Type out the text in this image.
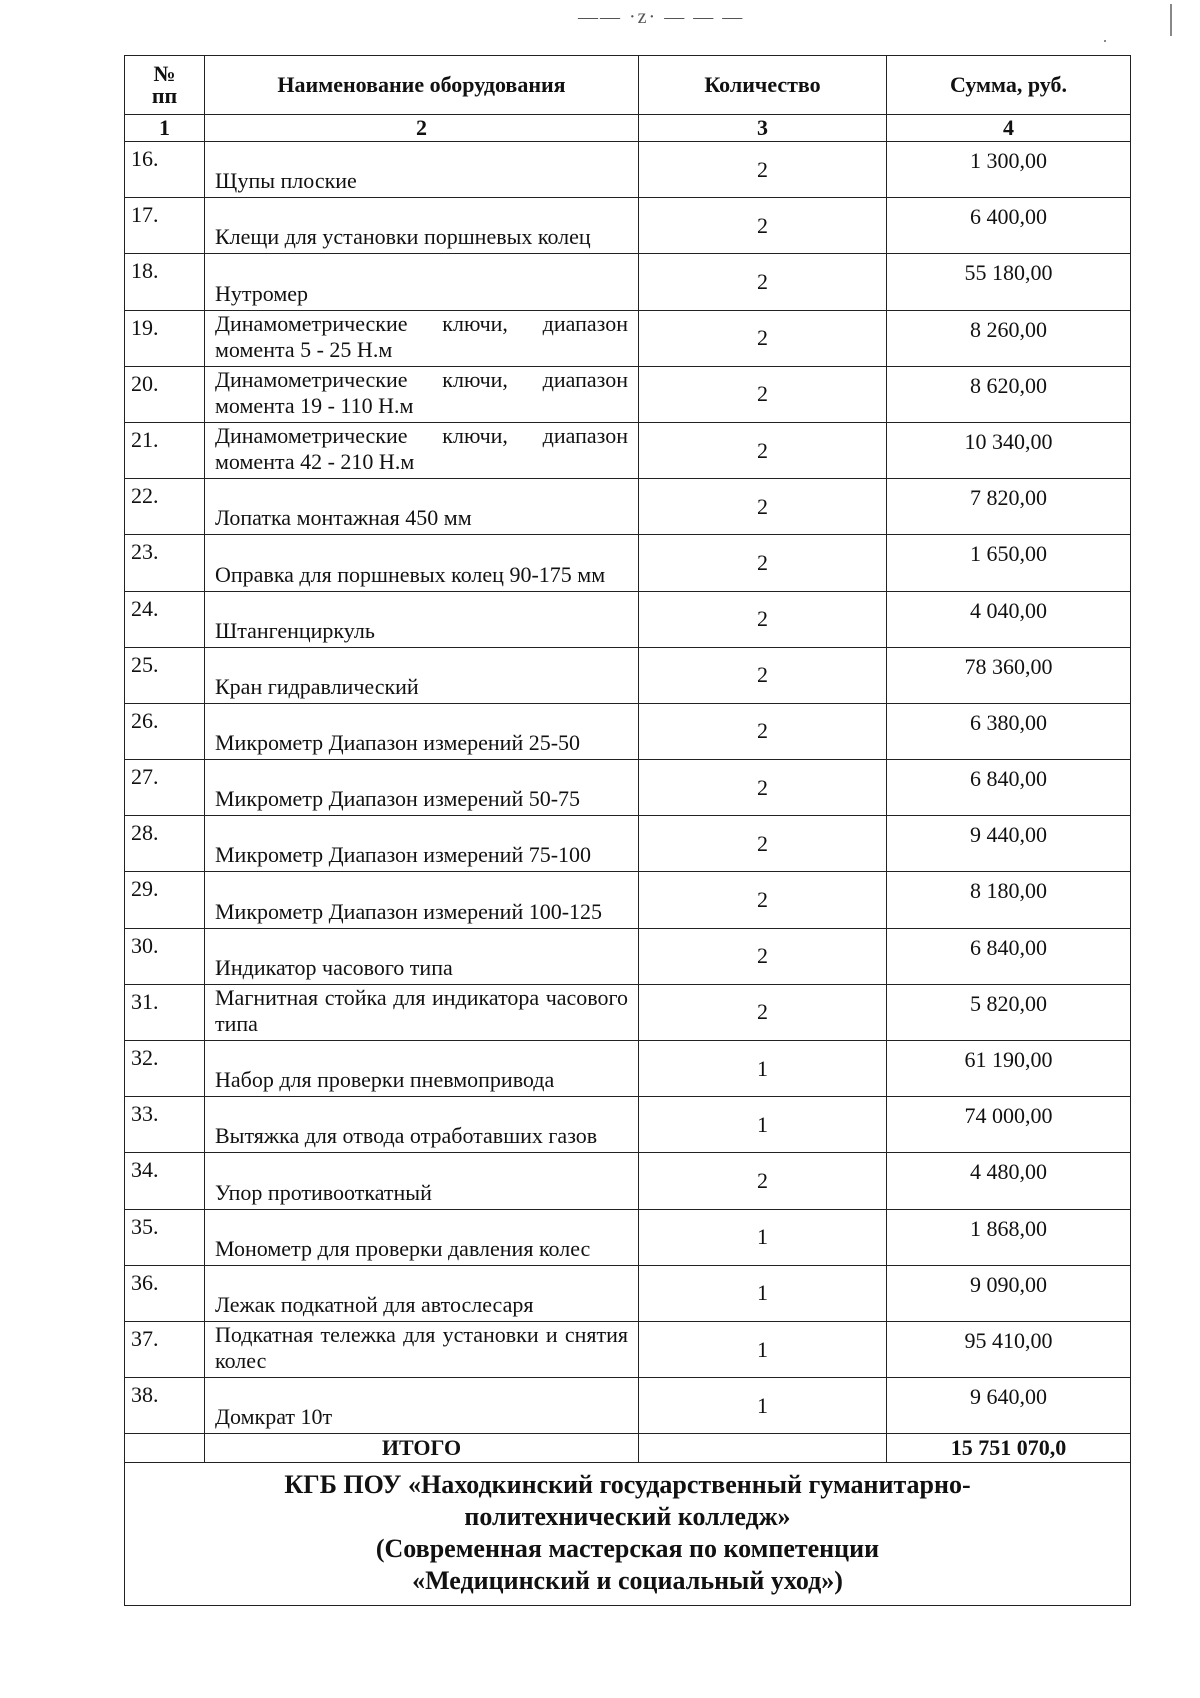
—— ·z· — — —
№
пп	Наименование оборудования	Количество	Сумма, руб.
1	2	3	4
16.	Щупы плоские	2	1 300,00
17.	Клещи для установки поршневых колец	2	6 400,00
18.	Нутромер	2	55 180,00
19.	Динамометрические ключи, диапазон момента 5 - 25 Н.м	2	8 260,00
20.	Динамометрические ключи, диапазон момента 19 - 110 Н.м	2	8 620,00
21.	Динамометрические ключи, диапазон момента 42 - 210 Н.м	2	10 340,00
22.	Лопатка монтажная 450 мм	2	7 820,00
23.	Оправка для поршневых колец 90-175 мм	2	1 650,00
24.	Штангенциркуль	2	4 040,00
25.	Кран гидравлический	2	78 360,00
26.	Микрометр Диапазон измерений 25-50	2	6 380,00
27.	Микрометр Диапазон измерений 50-75	2	6 840,00
28.	Микрометр Диапазон измерений 75-100	2	9 440,00
29.	Микрометр Диапазон измерений 100-125	2	8 180,00
30.	Индикатор часового типа	2	6 840,00
31.	Магнитная стойка для индикатора часового типа	2	5 820,00
32.	Набор для проверки пневмопривода	1	61 190,00
33.	Вытяжка для отвода отработавших газов	1	74 000,00
34.	Упор противооткатный	2	4 480,00
35.	Монометр для проверки давления колес	1	1 868,00
36.	Лежак подкатной для автослесаря	1	9 090,00
37.	Подкатная тележка для установки и снятия колес	1	95 410,00
38.	Домкрат 10т	1	9 640,00
	ИТОГО		15 751 070,0

КГБ ПОУ «Находкинский государственный гуманитарно-
политехнический колледж»
(Современная мастерская по компетенции
«Медицинский и социальный уход»)			
